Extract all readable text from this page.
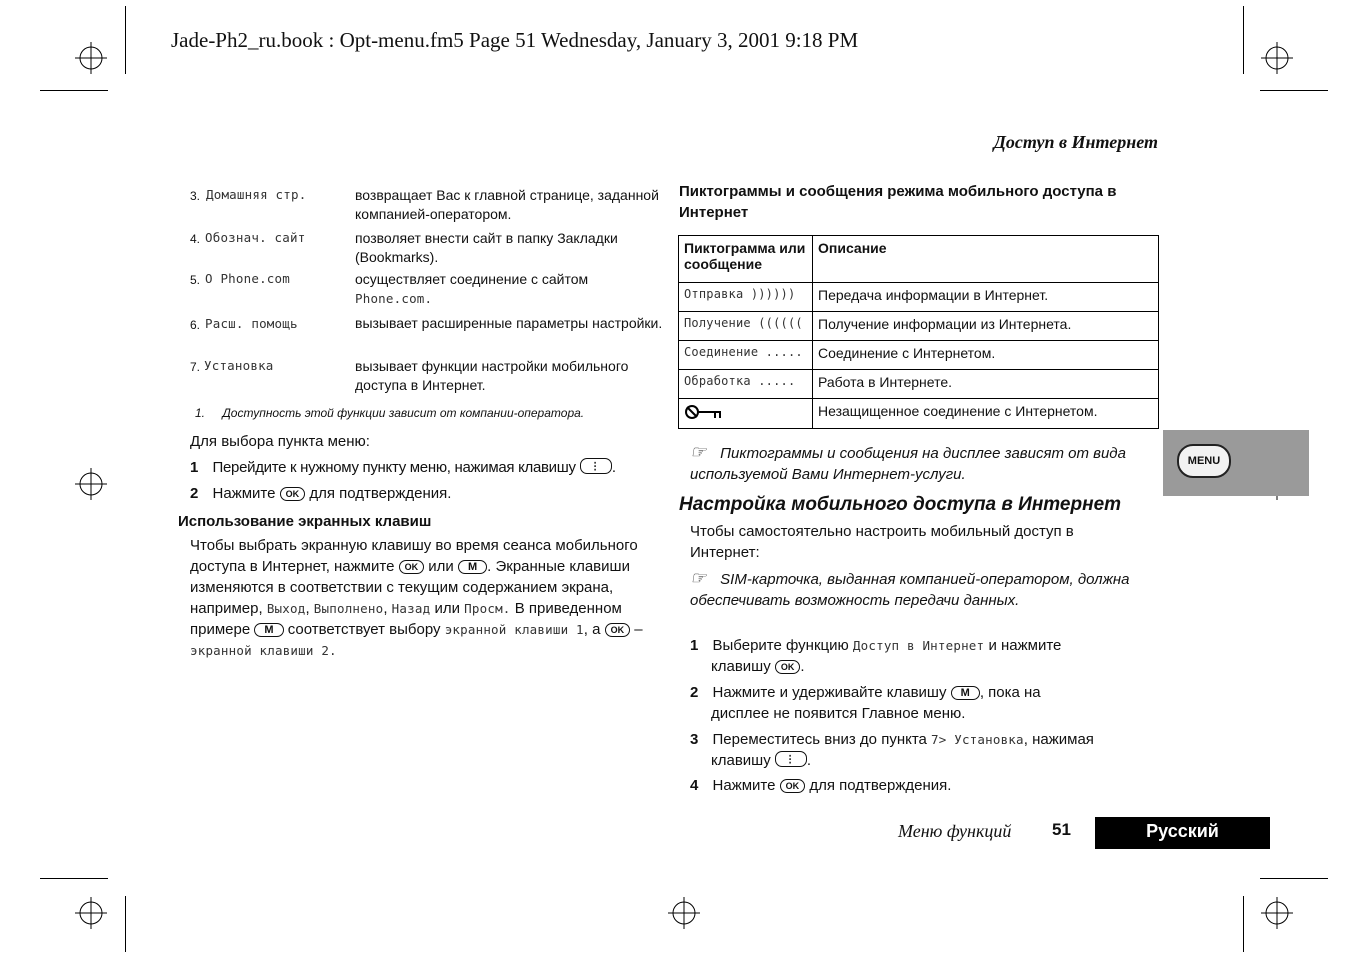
Jade-Ph2_ru.book : Opt-menu.fm5 Page 51 Wednesday, January 3, 2001 9:18 PM
Доступ в Интернет
3. Домашняя стр.	возвращает Вас к главной странице, заданной компанией-оператором.
4. Обознач. сайт	позволяет внести сайт в папку Закладки (Bookmarks).
5. О Phone.com	осуществляет соединение с сайтом
Phone.com.
6. Расш. помощь	вызывает расширенные параметры настройки.
7. Установка	вызывает функции настройки мобильного доступа в Интернет.
1. Доступность этой функции зависит от компании-оператора.
Для выбора пункта меню:
1 Перейдите к нужному пункту меню, нажимая клавишу ⁝ .
2 Нажмите OK для подтверждения.
Использование экранных клавиш
Чтобы выбрать экранную клавишу во время сеанса мобильного доступа в Интернет, нажмите OK или M . Экранные клавиши изменяются в соответствии с текущим содержанием экрана, например, Выход, Выполнено, Назад или Просм. В приведенном примере M соответствует выбору экранной клавиши 1, а OK – экранной клавиши 2.
Пиктограммы и сообщения режима мобильного доступа в Интернет
Пиктограмма или сообщение	Описание
Отправка ))))))	Передача информации в Интернет.
Получение ((((((	Получение информации из Интернета.
Соединение .....	Соединение с Интернетом.
Обработка .....	Работа в Интернете.
	Незащищенное соединение с Интернетом.
☞ Пиктограммы и сообщения на дисплее зависят от вида используемой Вами Интернет-услуги.
Настройка мобильного доступа в Интернет
Чтобы самостоятельно настроить мобильный доступ в Интернет:
☞ SIM-карточка, выданная компанией-оператором, должна обеспечивать возможность передачи данных.
1 Выберите функцию Доступ в Интернет и нажмите
клавишу OK .
2 Нажмите и удерживайте клавишу M , пока на
дисплее не появится Главное меню.
3 Переместитесь вниз до пункта 7> Установка, нажимая
клавишу ⁝ .
4 Нажмите OK для подтверждения.
MENU
Меню функций 51	Русский
